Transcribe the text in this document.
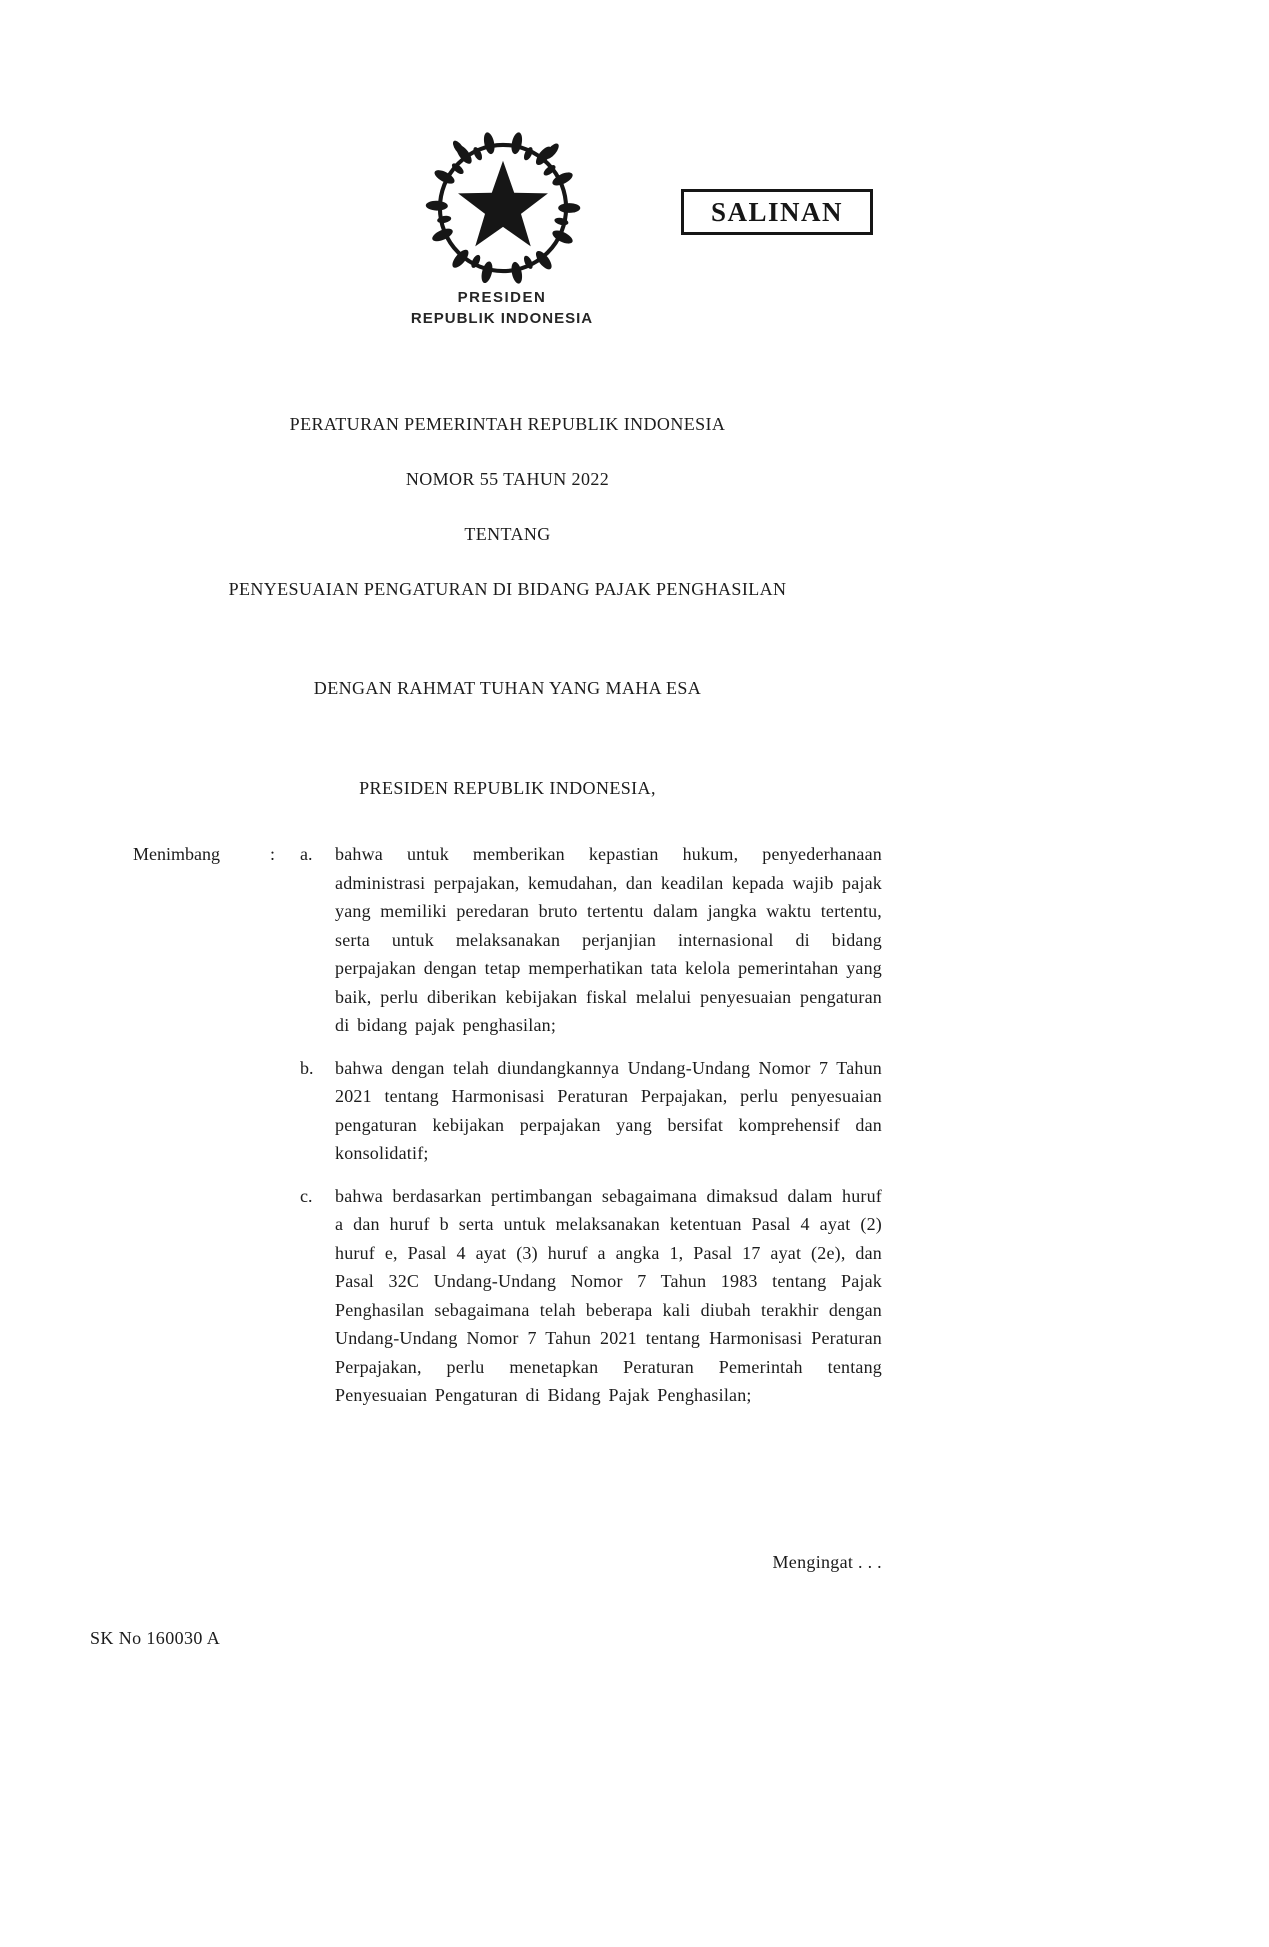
SALINAN
PRESIDEN
REPUBLIK INDONESIA
PERATURAN PEMERINTAH REPUBLIK INDONESIA
NOMOR 55 TAHUN 2022
TENTANG
PENYESUAIAN PENGATURAN DI BIDANG PAJAK PENGHASILAN
DENGAN RAHMAT TUHAN YANG MAHA ESA
PRESIDEN REPUBLIK INDONESIA,
Menimbang	:	a.	bahwa untuk memberikan kepastian hukum, penyederhanaan administrasi perpajakan, kemudahan, dan keadilan kepada wajib pajak yang memiliki peredaran bruto tertentu dalam jangka waktu tertentu, serta untuk melaksanakan perjanjian internasional di bidang perpajakan dengan tetap memperhatikan tata kelola pemerintahan yang baik, perlu diberikan kebijakan fiskal melalui penyesuaian pengaturan di bidang pajak penghasilan;
b.	bahwa dengan telah diundangkannya Undang-Undang Nomor 7 Tahun 2021 tentang Harmonisasi Peraturan Perpajakan, perlu penyesuaian pengaturan kebijakan perpajakan yang bersifat komprehensif dan konsolidatif;
c.	bahwa berdasarkan pertimbangan sebagaimana dimaksud dalam huruf a dan huruf b serta untuk melaksanakan ketentuan Pasal 4 ayat (2) huruf e, Pasal 4 ayat (3) huruf a angka 1, Pasal 17 ayat (2e), dan Pasal 32C Undang-Undang Nomor 7 Tahun 1983 tentang Pajak Penghasilan sebagaimana telah beberapa kali diubah terakhir dengan Undang-Undang Nomor 7 Tahun 2021 tentang Harmonisasi Peraturan Perpajakan, perlu menetapkan Peraturan Pemerintah tentang Penyesuaian Pengaturan di Bidang Pajak Penghasilan;
Mengingat . . .
SK No 160030 A
